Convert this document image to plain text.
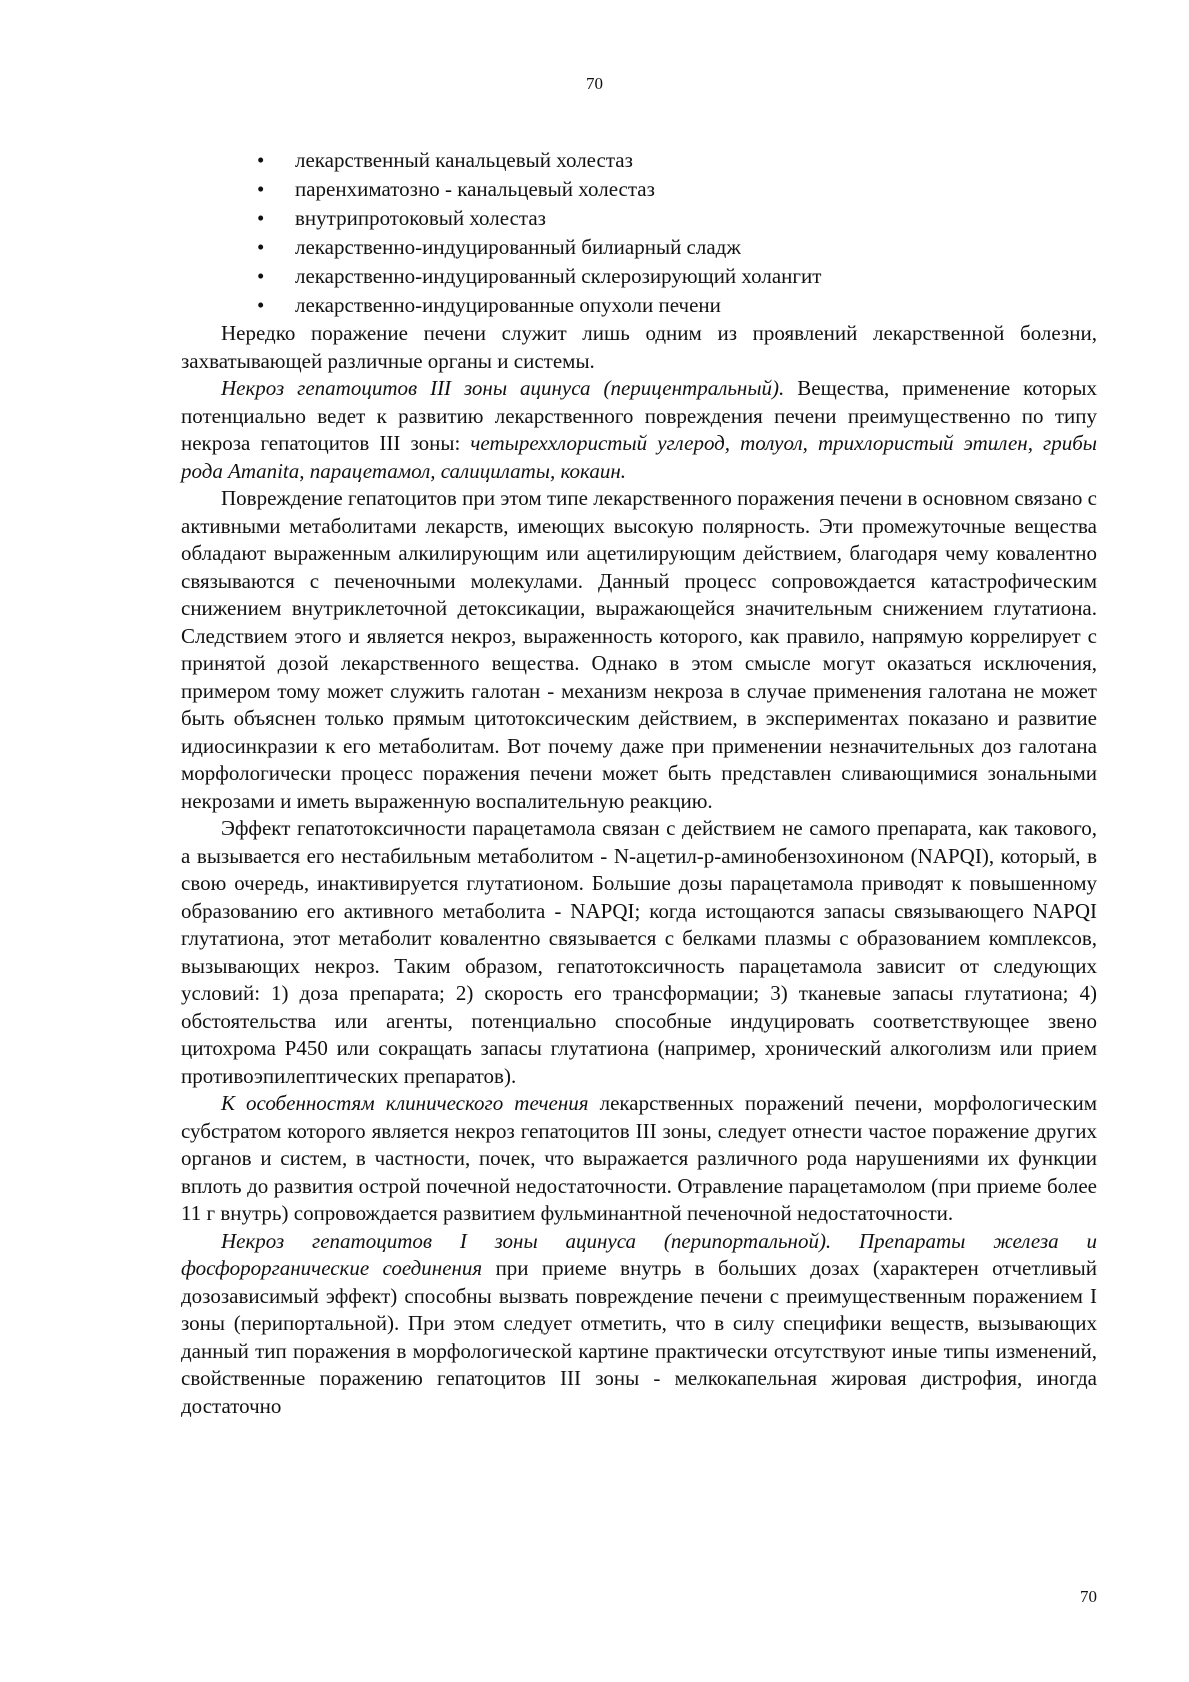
70
• лекарственный канальцевый холестаз
• паренхиматозно - канальцевый холестаз
• внутрипротоковый холестаз
• лекарственно-индуцированный билиарный сладж
• лекарственно-индуцированный склерозирующий холангит
• лекарственно-индуцированные опухоли печени

Нередко поражение печени служит лишь одним из проявлений лекарственной болезни, захватывающей различные органы и системы.

Некроз гепатоцитов III зоны ацинуса (перицентральный). Вещества, применение которых потенциально ведет к развитию лекарственного повреждения печени преимущественно по типу некроза гепатоцитов III зоны: четыреххлористый углерод, толуол, трихлористый этилен, грибы рода Amanita, парацетамол, салицилаты, кокаин.

Повреждение гепатоцитов при этом типе лекарственного поражения печени в основном связано с активными метаболитами лекарств, имеющих высокую полярность. Эти промежуточные вещества обладают выраженным алкилирующим или ацетилирующим действием, благодаря чему ковалентно связываются с печеночными молекулами. Данный процесс сопровождается катастрофическим снижением внутриклеточной детоксикации, выражающейся значительным снижением глутатиона. Следствием этого и является некроз, выраженность которого, как правило, напрямую коррелирует с принятой дозой лекарственного вещества. Однако в этом смысле могут оказаться исключения, примером тому может служить галотан - механизм некроза в случае применения галотана не может быть объяснен только прямым цитотоксическим действием, в экспериментах показано и развитие идиосинкразии к его метаболитам. Вот почему даже при применении незначительных доз галотана морфологически процесс поражения печени может быть представлен сливающимися зональными некрозами и иметь выраженную воспалительную реакцию.

Эффект гепатотоксичности парацетамола связан с действием не самого препарата, как такового, а вызывается его нестабильным метаболитом - N-ацетил-р-аминобензохиноном (NAPQI), который, в свою очередь, инактивируется глутатионом. Большие дозы парацетамола приводят к повышенному образованию его активного метаболита - NAPQI; когда истощаются запасы связывающего NAPQI глутатиона, этот метаболит ковалентно связывается с белками плазмы с образованием комплексов, вызывающих некроз. Таким образом, гепатотоксичность парацетамола зависит от следующих условий: 1) доза препарата; 2) скорость его трансформации; 3) тканевые запасы глутатиона; 4) обстоятельства или агенты, потенциально способные индуцировать соответствующее звено цитохрома Р450 или сокращать запасы глутатиона (например, хронический алкоголизм или прием противоэпилептических препаратов).

К особенностям клинического течения лекарственных поражений печени, морфологическим субстратом которого является некроз гепатоцитов III зоны, следует отнести частое поражение других органов и систем, в частности, почек, что выражается различного рода нарушениями их функции вплоть до развития острой почечной недостаточности. Отравление парацетамолом (при приеме более 11 г внутрь) сопровождается развитием фульминантной печеночной недостаточности.

Некроз гепатоцитов I зоны ацинуса (перипортальной). Препараты железа и фосфорорганические соединения при приеме внутрь в больших дозах (характерен отчетливый дозозависимый эффект) способны вызвать повреждение печени с преимущественным поражением I зоны (перипортальной). При этом следует отметить, что в силу специфики веществ, вызывающих данный тип поражения в морфологической картине практически отсутствуют иные типы изменений, свойственные поражению гепатоцитов III зоны - мелкокапельная жировая дистрофия, иногда достаточно

70
